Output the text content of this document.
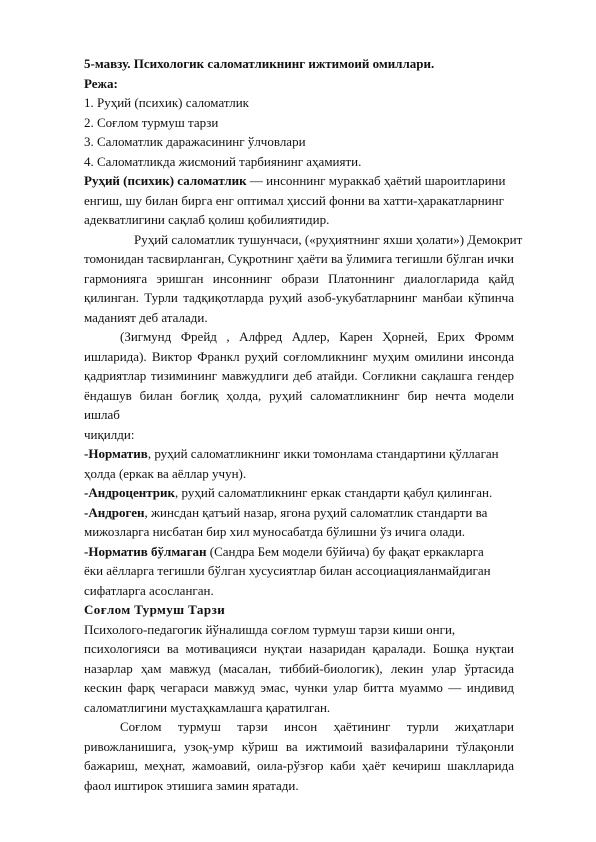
5-мавзу. Психологик саломатликнинг ижтимоий омиллари.
Режа:
1. Руҳий (психик) саломатлик
2. Соғлом турмуш тарзи
3. Саломатлик даражасининг ўлчовлари
4. Саломатликда жисмоний тарбиянинг аҳамияти.
Руҳий (психик) саломатлик — инсоннинг мураккаб ҳаётий шароитларини
енгиш, шу билан бирга енг оптимал ҳиссий фонни ва хатти-ҳаракатларнинг
адекватлигини сақлаб қолиш қобилиятидир.
Руҳий саломатлик тушунчаси, («руҳиятнинг яхши ҳолати») Демокрит
томонидан тасвирланган, Суқротнинг ҳаёти ва ўлимига тегишли бўлган ички
гармонияга эришган инсоннинг образи Платоннинг диалогларида қайд
қилинган. Турли тадқиқотларда руҳий азоб-укубатларнинг манбаи кўпинча
маданият деб аталади.
(Зигмунд Фрейд , Алфред Адлер, Карен Ҳорней, Ерих Фромм
ишларида). Виктор Франкл руҳий соғломликнинг муҳим омилини инсонда
қадриятлар тизимининг мавжудлиги деб атайди. Соғликни сақлашга гендер
ёндашув билан боғлиқ ҳолда, руҳий саломатликнинг бир нечта модели ишлаб
чиқилди:
-Норматив, руҳий саломатликнинг икки томонлама стандартини қўллаган
ҳолда (еркак ва аёллар учун).
-Андроцентрик, руҳий саломатликнинг еркак стандарти қабул қилинган.
-Андроген, жинсдан қатъий назар, ягона руҳий саломатлик стандарти ва
мижозларга нисбатан бир хил муносабатда бўлишни ўз ичига олади.
-Норматив бўлмаган (Сандра Бем модели бўйича) бу фақат еркакларга
ёки аёлларга тегишли бўлган хусусиятлар билан ассоциацияланмайдиган
сифатларга асосланган.
Соғлом Турмуш Тарзи
Психолого-педагогик йўналишда соғлом турмуш тарзи киши онги,
психологияси ва мотивацияси нуқтаи назаридан қаралади. Бошқа нуқтаи
назарлар ҳам мавжуд (масалан, тиббий-биологик), лекин улар ўртасида
кескин фарқ чегараси мавжуд эмас, чунки улар битта муаммо — индивид
саломатлигини мустаҳкамлашга қаратилган.
Соғлом турмуш тарзи инсон ҳаётининг турли жиҳатлари
ривожланишига, узоқ-умр кўриш ва ижтимоий вазифаларини тўлақонли
бажариш, меҳнат, жамоавий, оила-рўзғор каби ҳаёт кечириш шаклларида
фаол иштирок этишига замин яратади.
